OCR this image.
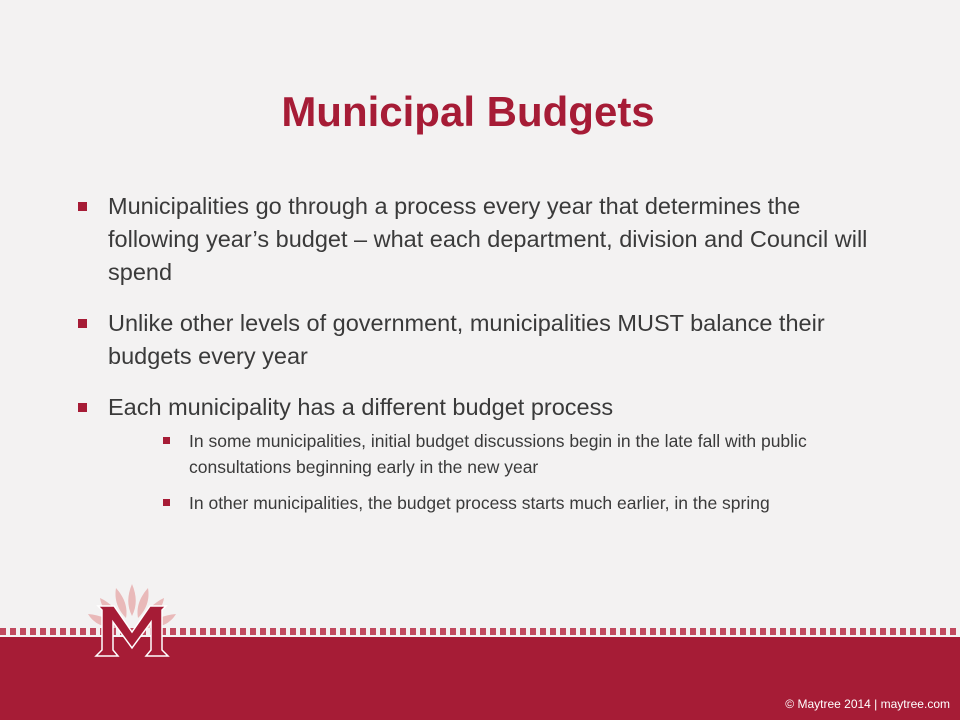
Municipal Budgets
Municipalities go through a process every year that determines the following year’s budget – what each department, division and Council will spend
Unlike other levels of government, municipalities MUST balance their budgets every year
Each municipality has a different budget process
In some municipalities, initial budget discussions begin in the late fall with public consultations beginning early in the new year
In other municipalities, the budget process starts much earlier, in the spring
© Maytree 2014 | maytree.com
